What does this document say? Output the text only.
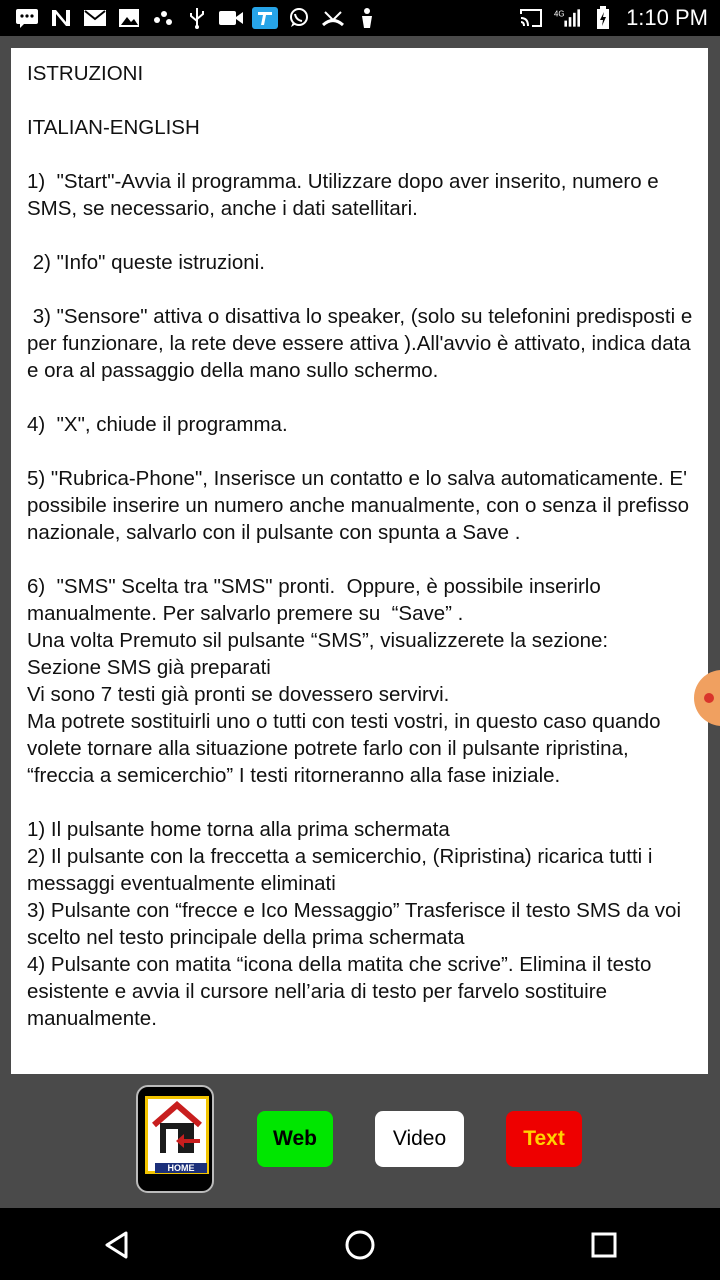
4G	1:10 PM

ISTRUZIONI

ITALIAN-ENGLISH

1)  "Start"-Avvia il programma. Utilizzare dopo aver inserito, numero e SMS, se necessario, anche i dati satellitari.

2) "Info" queste istruzioni.

3) "Sensore" attiva o disattiva lo speaker, (solo su telefonini predisposti e per funzionare, la rete deve essere attiva ).All'avvio è attivato, indica data e ora al passaggio della mano sullo schermo.

4)  "X", chiude il programma.

5) "Rubrica-Phone", Inserisce un contatto e lo salva automaticamente. E' possibile inserire un numero anche manualmente, con o senza il prefisso nazionale, salvarlo con il pulsante con spunta a Save .

6)  "SMS" Scelta tra "SMS" pronti.  Oppure, è possibile inserirlo manualmente. Per salvarlo premere su  “Save” .

Una volta Premuto sil pulsante “SMS”, visualizzerete la sezione:

Sezione SMS già preparati

Vi sono 7 testi già pronti se dovessero servirvi.

Ma potrete sostituirli uno o tutti con testi vostri, in questo caso quando volete tornare alla situazione potrete farlo con il pulsante ripristina, “freccia a semicerchio” I testi ritorneranno alla fase iniziale.

1) Il pulsante home torna alla prima schermata

2) Il pulsante con la freccetta a semicerchio, (Ripristina) ricarica tutti i messaggi eventualmente eliminati

3) Pulsante con “frecce e Ico Messaggio” Trasferisce il testo SMS da voi scelto nel testo principale della prima schermata

4) Pulsante con matita “icona della matita che scrive”. Elimina il testo esistente e avvia il cursore nell’aria di testo per farvelo sostituire manualmente.

HOME
Web	Video	Text
